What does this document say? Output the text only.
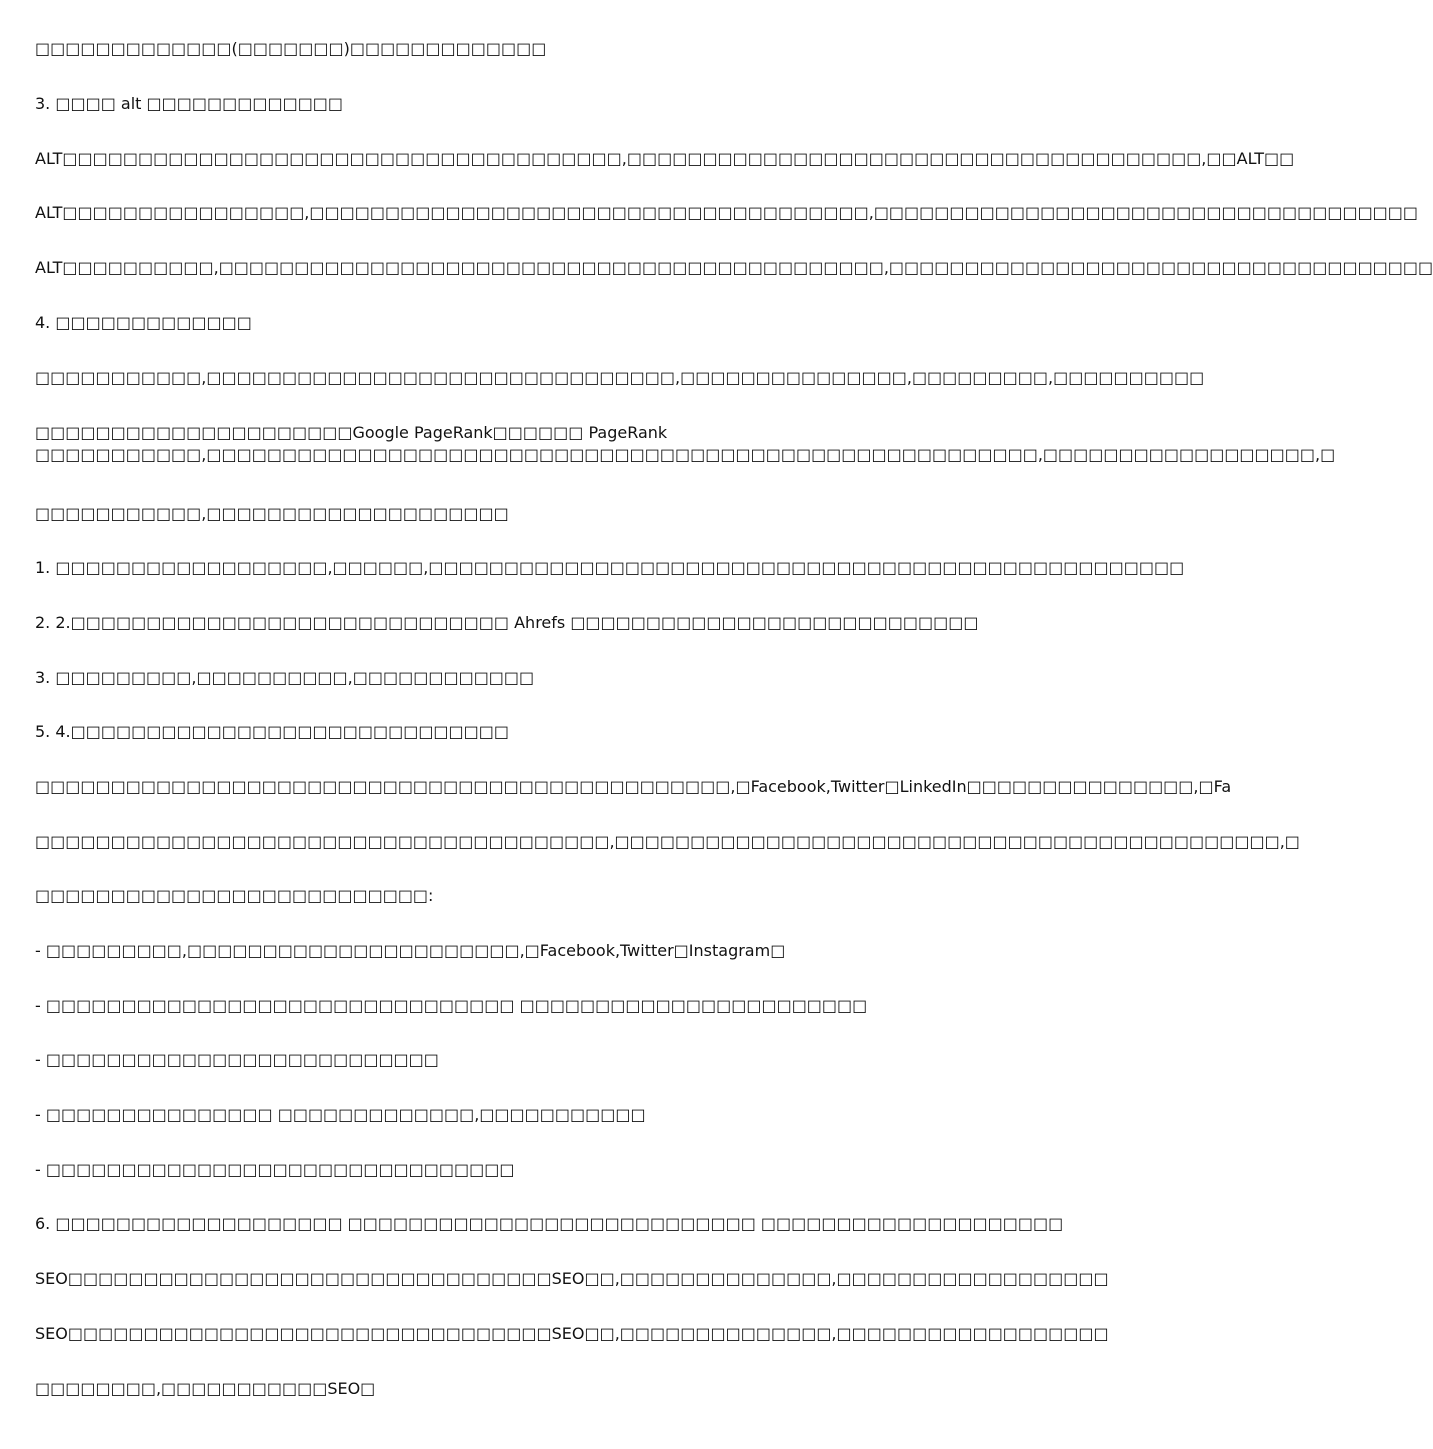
□□□□□□□□□□□□□(□□□□□□□)□□□□□□□□□□□□□
3. □□□□ alt □□□□□□□□□□□□□
ALT□□□□□□□□□□□□□□□□□□□□□□□□□□□□□□□□□□□□□,□□□□□□□□□□□□□□□□□□□□□□□□□□□□□□□□□□□□□□,□□ALT□□
ALT□□□□□□□□□□□□□□□□,□□□□□□□□□□□□□□□□□□□□□□□□□□□□□□□□□□□□□,□□□□□□□□□□□□□□□□□□□□□□□□□□□□□□□□□□□□
ALT□□□□□□□□□□,□□□□□□□□□□□□□□□□□□□□□□□□□□□□□□□□□□□□□□□□□□□□,□□□□□□□□□□□□□□□□□□□□□□□□□□□□□□□□□□□□
4. □□□□□□□□□□□□□
□□□□□□□□□□□,□□□□□□□□□□□□□□□□□□□□□□□□□□□□□□□,□□□□□□□□□□□□□□□,□□□□□□□□□,□□□□□□□□□□
□□□□□□□□□□□□□□□□□□□□□Google PageRank□□□□□□ PageRank
□□□□□□□□□□□,□□□□□□□□□□□□□□□□□□□□□□□□□□□□□□□□□□□□□□□□□□□□□□□□□□□□□□□,□□□□□□□□□□□□□□□□□□,□
□□□□□□□□□□□,□□□□□□□□□□□□□□□□□□□□
1. □□□□□□□□□□□□□□□□□□,□□□□□□,□□□□□□□□□□□□□□□□□□□□□□□□□□□□□□□□□□□□□□□□□□□□□□□□□□
2. 2.□□□□□□□□□□□□□□□□□□□□□□□□□□□□□ Ahrefs □□□□□□□□□□□□□□□□□□□□□□□□□□□
3. □□□□□□□□□,□□□□□□□□□□,□□□□□□□□□□□□
5. 4.□□□□□□□□□□□□□□□□□□□□□□□□□□□□□
□□□□□□□□□□□□□□□□□□□□□□□□□□□□□□□□□□□□□□□□□□□□□□,□Facebook,Twitter□LinkedIn□□□□□□□□□□□□□□□,□Fa
□□□□□□□□□□□□□□□□□□□□□□□□□□□□□□□□□□□□□□,□□□□□□□□□□□□□□□□□□□□□□□□□□□□□□□□□□□□□□□□□□□□,□
□□□□□□□□□□□□□□□□□□□□□□□□□□:
- □□□□□□□□□,□□□□□□□□□□□□□□□□□□□□□□,□Facebook,Twitter□Instagram□
- □□□□□□□□□□□□□□□□□□□□□□□□□□□□□□□ □□□□□□□□□□□□□□□□□□□□□□□
- □□□□□□□□□□□□□□□□□□□□□□□□□□
- □□□□□□□□□□□□□□□ □□□□□□□□□□□□□,□□□□□□□□□□□
- □□□□□□□□□□□□□□□□□□□□□□□□□□□□□□□
6. □□□□□□□□□□□□□□□□□□□ □□□□□□□□□□□□□□□□□□□□□□□□□□□ □□□□□□□□□□□□□□□□□□□□
SEO□□□□□□□□□□□□□□□□□□□□□□□□□□□□□□□□SEO□□,□□□□□□□□□□□□□□,□□□□□□□□□□□□□□□□□□
SEO□□□□□□□□□□□□□□□□□□□□□□□□□□□□□□□□SEO□□,□□□□□□□□□□□□□□,□□□□□□□□□□□□□□□□□□
□□□□□□□□,□□□□□□□□□□□SEO□
